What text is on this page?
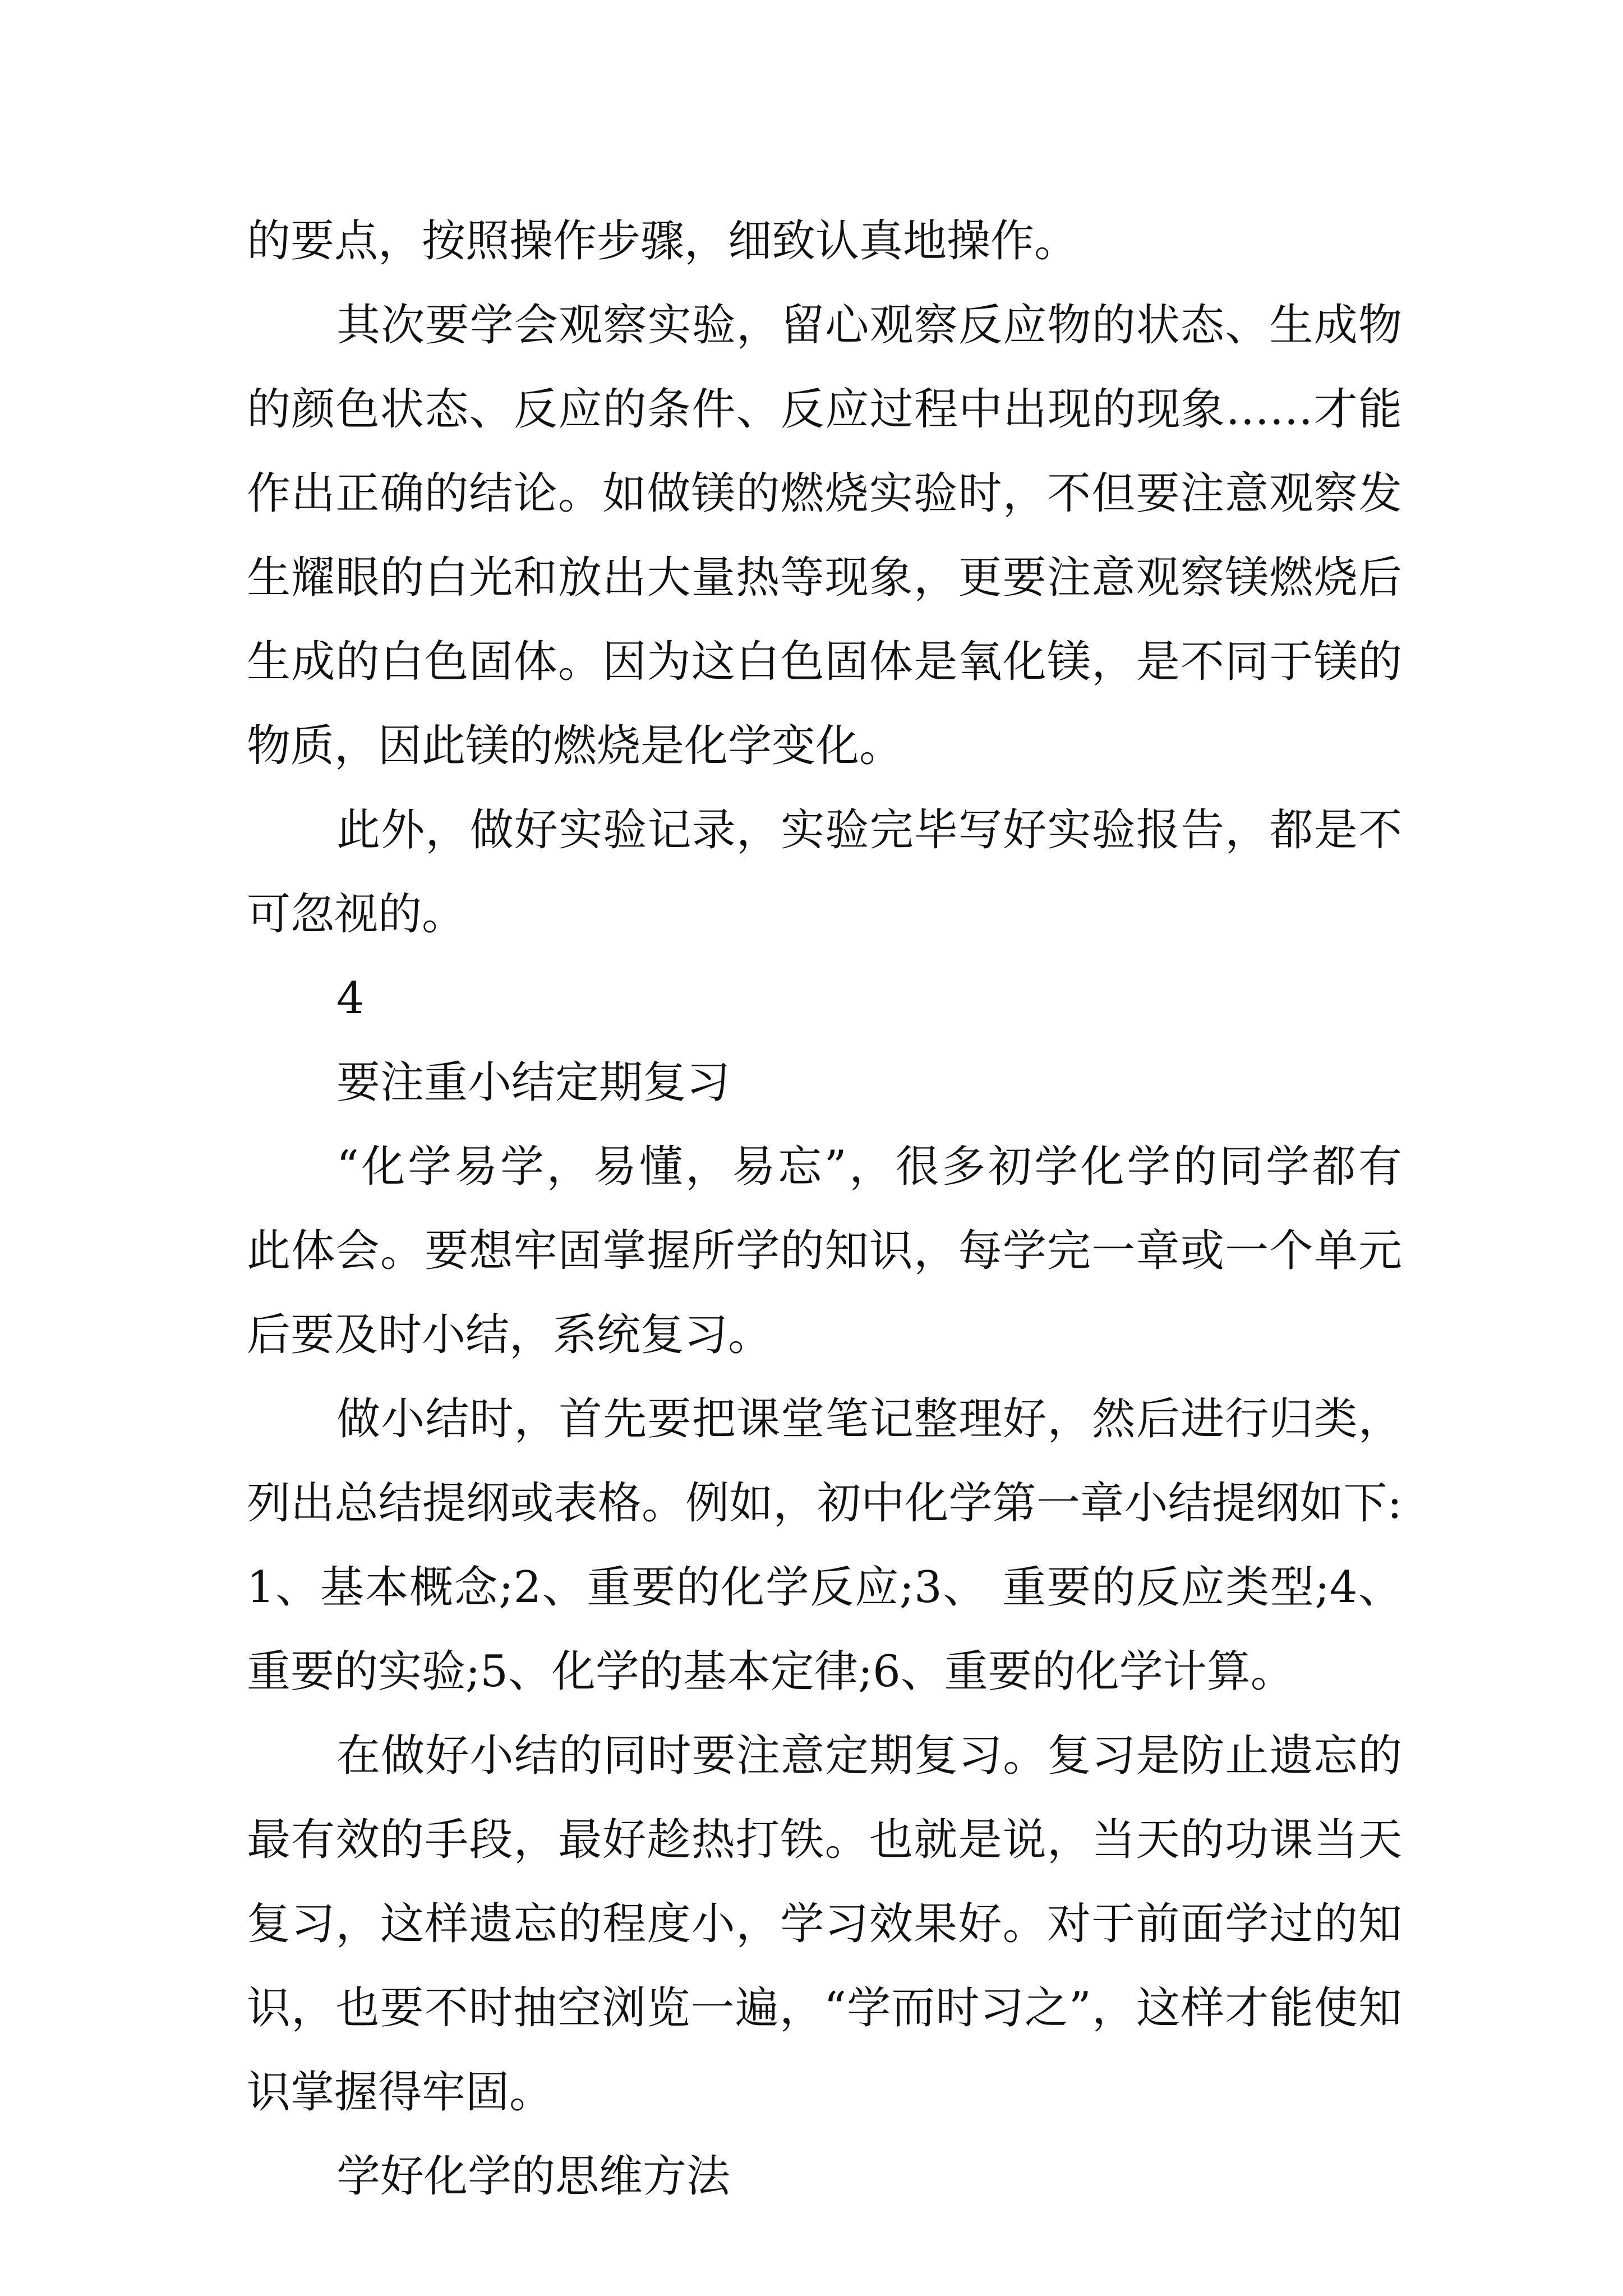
的要点，按照操作步骤，细致认真地操作。
其次要学会观察实验，留心观察反应物的状态、生成物
的颜色状态、反应的条件、反应过程中出现的现象……才能
作出正确的结论。如做镁的燃烧实验时，不但要注意观察发
生耀眼的白光和放出大量热等现象，更要注意观察镁燃烧后
生成的白色固体。因为这白色固体是氧化镁，是不同于镁的
物质，因此镁的燃烧是化学变化。
此外，做好实验记录，实验完毕写好实验报告，都是不
可忽视的。
4
要注重小结定期复习
“化学易学，易懂，易忘”，很多初学化学的同学都有
此体会。要想牢固掌握所学的知识，每学完一章或一个单元
后要及时小结，系统复习。
做小结时，首先要把课堂笔记整理好，然后进行归类，
列出总结提纲或表格。例如，初中化学第一章小结提纲如下:
1、基本概念;2、重要的化学反应;3、 重要的反应类型;4、
重要的实验;5、化学的基本定律;6、重要的化学计算。
在做好小结的同时要注意定期复习。复习是防止遗忘的
最有效的手段，最好趁热打铁。也就是说，当天的功课当天
复习，这样遗忘的程度小，学习效果好。对于前面学过的知
识，也要不时抽空浏览一遍，“学而时习之”，这样才能使知
识掌握得牢固。
学好化学的思维方法
